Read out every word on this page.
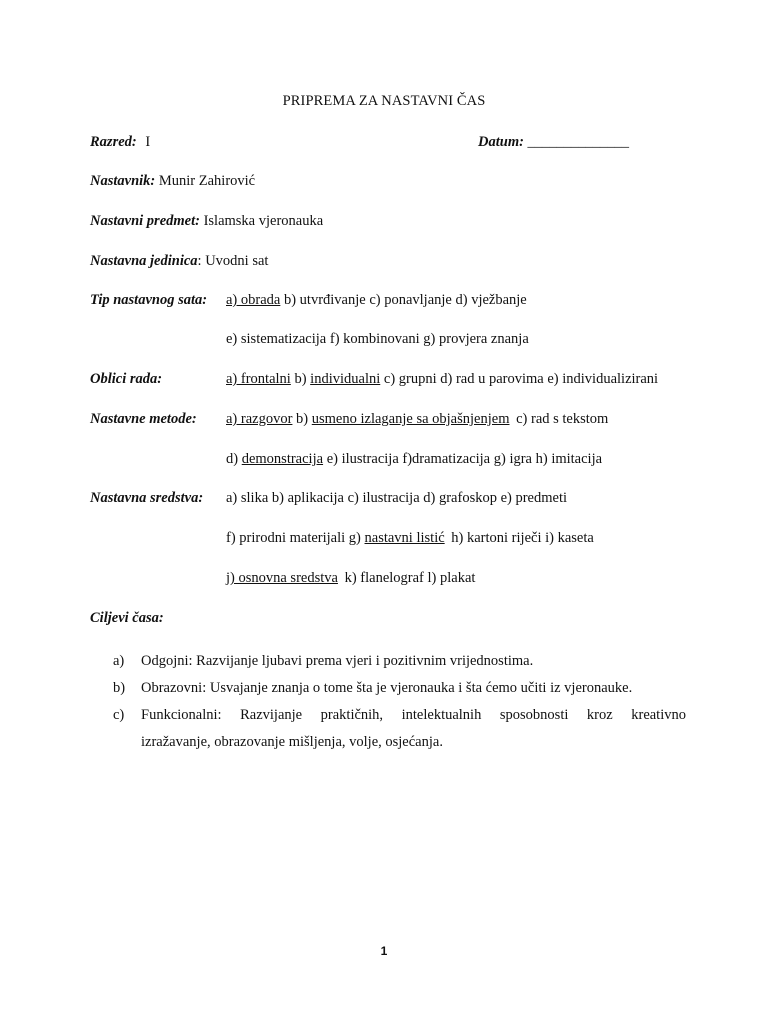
PRIPREMA ZA NASTAVNI ČAS
Razred: I	Datum: ______________
Nastavnik: Munir Zahirović
Nastavni predmet: Islamska vjeronauka
Nastavna jedinica: Uvodni sat
Tip nastavnog sata: a) obrada b) utvrđivanje c) ponavljanje d) vježbanje
e) sistematizacija f) kombinovani g) provjera znanja
Oblici rada:	a) frontalni b) individualni c) grupni d) rad u parovima e) individualizirani
Nastavne metode: a) razgovor b) usmeno izlaganje sa objašnjenjem c) rad s tekstom
d) demonstracija e) ilustracija f)dramatizacija g) igra h) imitacija
Nastavna sredstva: a) slika b) aplikacija c) ilustracija d) grafoskop e) predmeti
f) prirodni materijali g) nastavni listić h) kartoni riječi i) kaseta
j) osnovna sredstva k) flanelograf l) plakat
Ciljevi časa:
a) Odgojni: Razvijanje ljubavi prema vjeri i pozitivnim vrijednostima.
b) Obrazovni: Usvajanje znanja o tome šta je vjeronauka i šta ćemo učiti iz vjeronauke.
c) Funkcionalni: Razvijanje praktičnih, intelektualnih sposobnosti kroz kreativno
izražavanje, obrazovanje mišljenja, volje, osjećanja.
1
